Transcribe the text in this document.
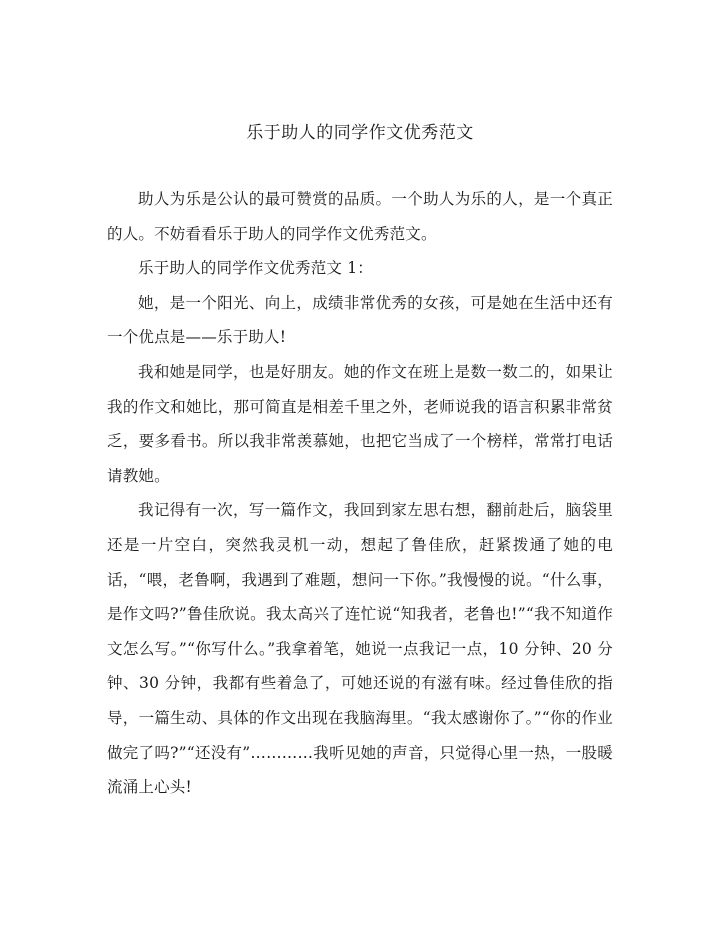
乐于助人的同学作文优秀范文

助人为乐是公认的最可赞赏的品质。一个助人为乐的人，是一个真正的人。不妨看看乐于助人的同学作文优秀范文。

乐于助人的同学作文优秀范文 1：

她，是一个阳光、向上，成绩非常优秀的女孩，可是她在生活中还有一个优点是——乐于助人!

我和她是同学，也是好朋友。她的作文在班上是数一数二的，如果让我的作文和她比，那可简直是相差千里之外，老师说我的语言积累非常贫乏，要多看书。所以我非常羡慕她，也把它当成了一个榜样，常常打电话请教她。

我记得有一次，写一篇作文，我回到家左思右想，翻前赴后，脑袋里还是一片空白，突然我灵机一动，想起了鲁佳欣，赶紧拨通了她的电话，“喂，老鲁啊，我遇到了难题，想问一下你。”我慢慢的说。“什么事，是作文吗?”鲁佳欣说。我太高兴了连忙说“知我者，老鲁也!”“我不知道作文怎么写。”“你写什么。”我拿着笔，她说一点我记一点，10 分钟、20 分钟、30 分钟，我都有些着急了，可她还说的有滋有味。经过鲁佳欣的指导，一篇生动、具体的作文出现在我脑海里。“我太感谢你了。”“你的作业做完了吗?”“还没有”…………我听见她的声音，只觉得心里一热，一股暖流涌上心头!
